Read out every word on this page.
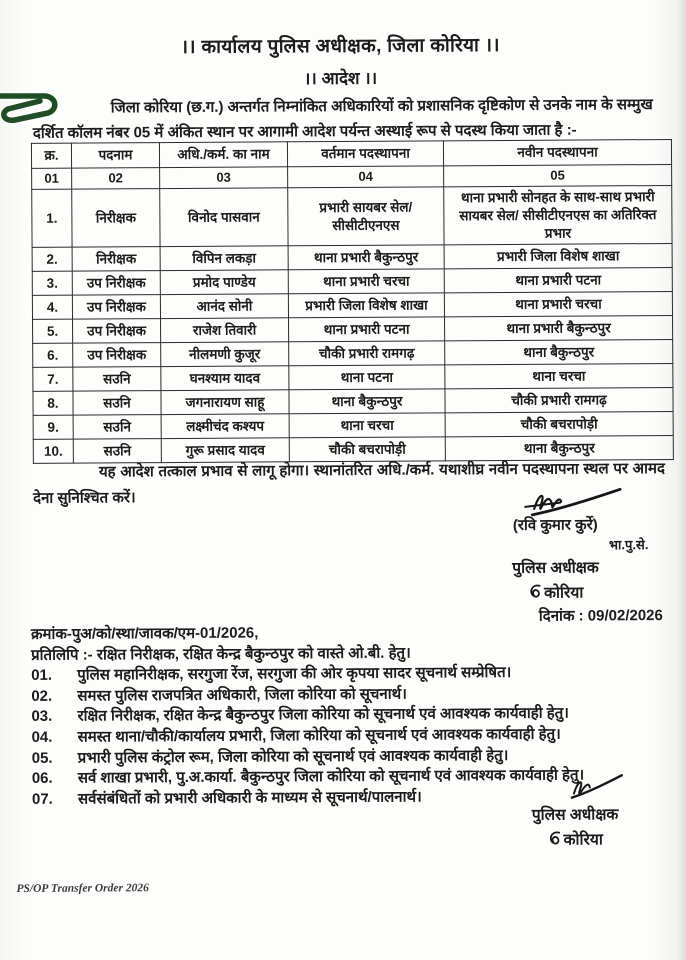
।। कार्यालय पुलिस अधीक्षक, जिला कोरिया ।।
।। आदेश ।।
जिला कोरिया (छ.ग.) अन्तर्गत निम्नांकित अधिकारियों को प्रशासनिक दृष्टिकोण से उनके नाम के सम्मुख दर्शित कॉलम नंबर 05 में अंकित स्थान पर आगामी आदेश पर्यन्त अस्थाई रूप से पदस्थ किया जाता है :-
क्र.	पदनाम	अधि./कर्म. का नाम	वर्तमान पदस्थापना	नवीन पदस्थापना
01	02	03	04	05
1.	निरीक्षक	विनोद पासवान	प्रभारी सायबर सेल/ सीसीटीएनएस	थाना प्रभारी सोनहत के साथ-साथ प्रभारी सायबर सेल/ सीसीटीएनएस का अतिरिक्त प्रभार
2.	निरीक्षक	विपिन लकड़ा	थाना प्रभारी बैकुन्ठपुर	प्रभारी जिला विशेष शाखा
3.	उप निरीक्षक	प्रमोद पाण्डेय	थाना प्रभारी चरचा	थाना प्रभारी पटना
4.	उप निरीक्षक	आनंद सोनी	प्रभारी जिला विशेष शाखा	थाना प्रभारी चरचा
5.	उप निरीक्षक	राजेश तिवारी	थाना प्रभारी पटना	थाना प्रभारी बैकुन्ठपुर
6.	उप निरीक्षक	नीलमणी कुजूर	चौकी प्रभारी रामगढ़	थाना बैकुन्ठपुर
7.	सउनि	घनश्याम यादव	थाना पटना	थाना चरचा
8.	सउनि	जगनारायण साहू	थाना बैकुन्ठपुर	चौकी प्रभारी रामगढ़
9.	सउनि	लक्ष्मीचंद कश्यप	थाना चरचा	चौकी बचरापोड़ी
10.	सउनि	गुरू प्रसाद यादव	चौकी बचरापोड़ी	थाना बैकुन्ठपुर
यह आदेश तत्काल प्रभाव से लागू होगा। स्थानांतरित अधि./कर्म. यथाशीघ्र नवीन पदस्थापना स्थल पर आमद देना सुनिश्चित करें।
(रवि कुमार कुर्रे)
भा.पु.से.
पुलिस अधीक्षक
कोरिया
दिनांक : 09/02/2026
क्रमांक-पुअ/को/स्था/जावक/एम-01/2026,
प्रतिलिपि :- रक्षित निरीक्षक, रक्षित केन्द्र बैकुन्ठपुर को वास्ते ओ.बी. हेतु।
01.	पुलिस महानिरीक्षक, सरगुजा रेंज, सरगुजा की ओर कृपया सादर सूचनार्थ सम्प्रेषित।
02.	समस्त पुलिस राजपत्रित अधिकारी, जिला कोरिया को सूचनार्थ।
03.	रक्षित निरीक्षक, रक्षित केन्द्र बैकुन्ठपुर जिला कोरिया को सूचनार्थ एवं आवश्यक कार्यवाही हेतु।
04.	समस्त थाना/चौकी/कार्यालय प्रभारी, जिला कोरिया को सूचनार्थ एवं आवश्यक कार्यवाही हेतु।
05.	प्रभारी पुलिस कंट्रोल रूम, जिला कोरिया को सूचनार्थ एवं आवश्यक कार्यवाही हेतु।
06.	सर्व शाखा प्रभारी, पु.अ.कार्या. बैकुन्ठपुर जिला कोरिया को सूचनार्थ एवं आवश्यक कार्यवाही हेतु।
07.	सर्वसंबंधितों को प्रभारी अधिकारी के माध्यम से सूचनार्थ/पालनार्थ।
पुलिस अधीक्षक
कोरिया
PS/OP Transfer Order 2026
